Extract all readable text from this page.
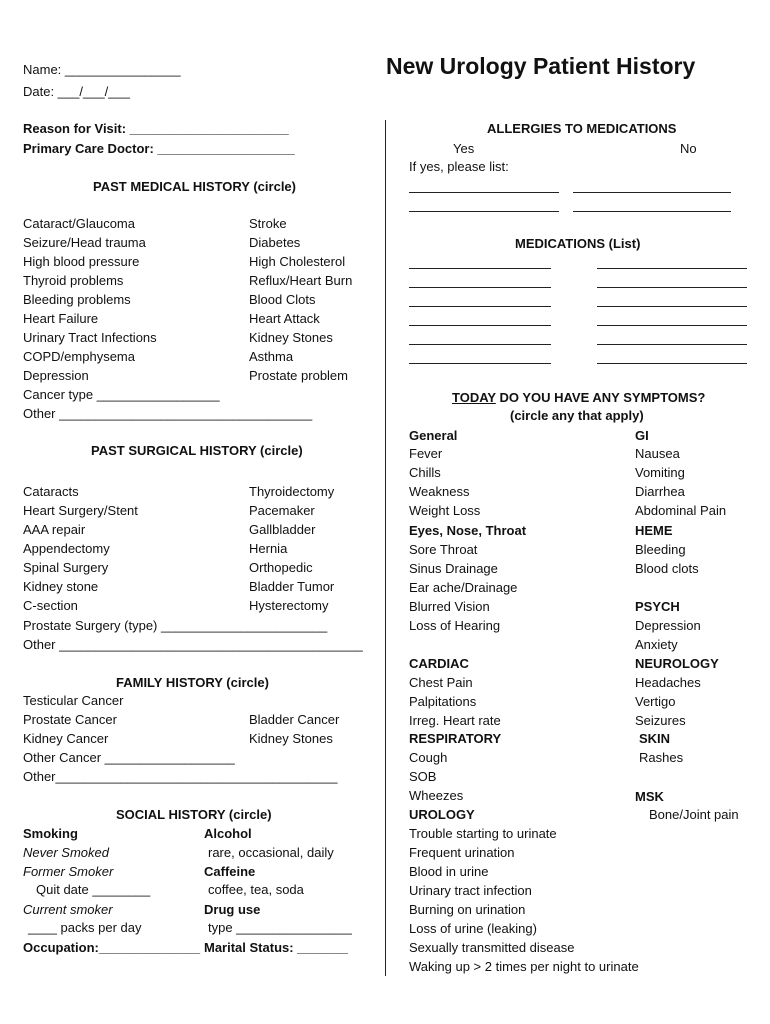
New Urology Patient History
Name: ________________
Date: ___/___/___
Reason for Visit: ______________________
Primary Care Doctor: ___________________
PAST MEDICAL HISTORY (circle)
Cataract/Glaucoma
Seizure/Head trauma
High blood pressure
Thyroid problems
Bleeding problems
Heart Failure
Urinary Tract Infections
COPD/emphysema
Depression
Stroke
Diabetes
High Cholesterol
Reflux/Heart Burn
Blood Clots
Heart Attack
Kidney Stones
Asthma
Prostate problem
Cancer type _________________
Other ___________________________________
PAST SURGICAL HISTORY (circle)
Cataracts
Heart Surgery/Stent
AAA repair
Appendectomy
Spinal Surgery
Kidney stone
C-section
Thyroidectomy
Pacemaker
Gallbladder
Hernia
Orthopedic
Bladder Tumor
Hysterectomy
Prostate Surgery (type) _______________________
Other __________________________________________
FAMILY HISTORY (circle)
Testicular Cancer
Prostate Cancer
Kidney Cancer
Bladder Cancer
Kidney Stones
Other Cancer __________________
Other_______________________________________
SOCIAL HISTORY (circle)
Smoking
Never Smoked
Former Smoker
Quit date ________
Current smoker
____ packs per day
Occupation:______________
Alcohol
rare, occasional, daily
Caffeine
coffee, tea, soda
Drug use
type ________________
Marital Status: _______
ALLERGIES TO MEDICATIONS
Yes	No
If yes, please list:
MEDICATIONS (List)
TODAY DO YOU HAVE ANY SYMPTOMS?
(circle any that apply)
General
Fever
Chills
Weakness
Weight Loss
Eyes, Nose, Throat
Sore Throat
Sinus Drainage
Ear ache/Drainage
Blurred Vision
Loss of Hearing
CARDIAC
Chest Pain
Palpitations
Irreg. Heart rate
RESPIRATORY
Cough
SOB
Wheezes
UROLOGY
Trouble starting to urinate
Frequent urination
Blood in urine
Urinary tract infection
Burning on urination
Loss of urine (leaking)
Sexually transmitted disease
Waking up > 2 times per night to urinate
GI
Nausea
Vomiting
Diarrhea
Abdominal Pain
HEME
Bleeding
Blood clots
PSYCH
Depression
Anxiety
NEUROLOGY
Headaches
Vertigo
Seizures
SKIN
Rashes
MSK
Bone/Joint pain
